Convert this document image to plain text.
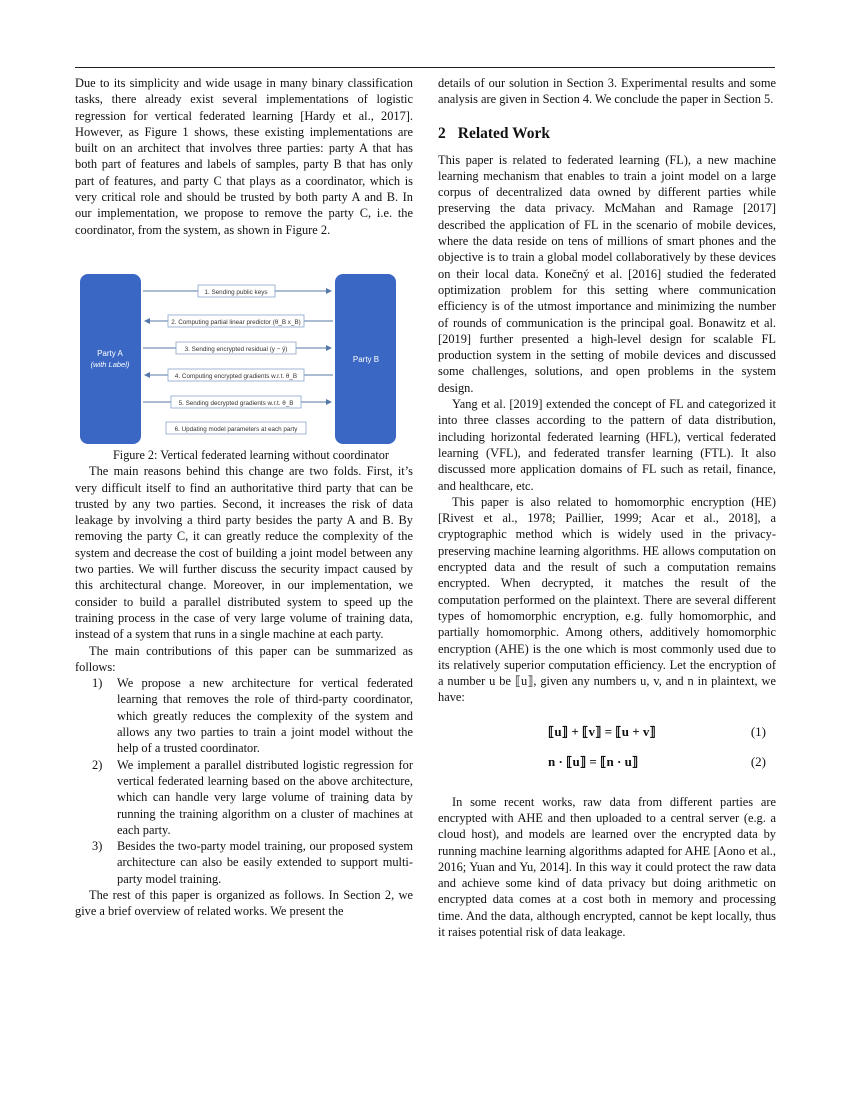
Due to its simplicity and wide usage in many binary classification tasks, there already exist several implementations of logistic regression for vertical federated learning [Hardy et al., 2017]. However, as Figure 1 shows, these existing implementations are built on an architect that involves three parties: party A that has both part of features and labels of samples, party B that has only part of features, and party C that plays as a coordinator, which is very critical role and should be trusted by both party A and B. In our implementation, we propose to remove the party C, i.e. the coordinator, from the system, as shown in Figure 2.

Party A
(with Label)
Party B
1. Sending public keys
2. Computing partial linear predictor (θ_B x_B)
3. Sending encrypted residual (y − ŷ)
4. Computing encrypted gradients w.r.t. θ_B
5. Sending decrypted gradients w.r.t. θ_B
6. Updating model parameters at each party

Figure 2: Vertical federated learning without coordinator

The main reasons behind this change are two folds. First, it’s very difficult itself to find an authoritative third party that can be trusted by any two parties. Second, it increases the risk of data leakage by involving a third party besides the party A and B. By removing the party C, it can greatly reduce the complexity of the system and decrease the cost of building a joint model between any two parties. We will further discuss the security impact caused by this architectural change. Moreover, in our implementation, we consider to build a parallel distributed system to speed up the training process in the case of very large volume of training data, instead of a system that runs in a single machine at each party.

The main contributions of this paper can be summarized as follows:

1) We propose a new architecture for vertical federated learning that removes the role of third-party coordinator, which greatly reduces the complexity of the system and allows any two parties to train a joint model without the help of a trusted coordinator.
2) We implement a parallel distributed logistic regression for vertical federated learning based on the above architecture, which can handle very large volume of training data by running the training algorithm on a cluster of machines at each party.
3) Besides the two-party model training, our proposed system architecture can also be easily extended to support multi-party model training.

The rest of this paper is organized as follows. In Section 2, we give a brief overview of related works. We present the

details of our solution in Section 3. Experimental results and some analysis are given in Section 4. We conclude the paper in Section 5.

2 Related Work

This paper is related to federated learning (FL), a new machine learning mechanism that enables to train a joint model on a large corpus of decentralized data owned by different parties while preserving the data privacy. McMahan and Ramage [2017] described the application of FL in the scenario of mobile devices, where the data reside on tens of millions of smart phones and the objective is to train a global model collaboratively by these devices on their local data. Konečný et al. [2016] studied the federated optimization problem for this setting where communication efficiency is of the utmost importance and minimizing the number of rounds of communication is the principal goal. Bonawitz et al. [2019] further presented a high-level design for scalable FL production system in the setting of mobile devices and discussed some challenges, solutions, and open problems in the system design.

Yang et al. [2019] extended the concept of FL and categorized it into three classes according to the pattern of data distribution, including horizontal federated learning (HFL), vertical federated learning (VFL), and federated transfer learning (FTL). It also discussed more application domains of FL such as retail, finance, and healthcare, etc.

This paper is also related to homomorphic encryption (HE) [Rivest et al., 1978; Paillier, 1999; Acar et al., 2018], a cryptographic method which is widely used in the privacy-preserving machine learning algorithms. HE allows computation on encrypted data and the result of such a computation remains encrypted. When decrypted, it matches the result of the computation performed on the plaintext. There are several different types of homomorphic encryption, e.g. fully homomorphic, and partially homomorphic. Among others, additively homomorphic encryption (AHE) is the one which is most commonly used due to its relatively superior computation efficiency. Let the encryption of a number u be ⟦u⟧, given any numbers u, v, and n in plaintext, we have:

⟦u⟧ + ⟦v⟧ = ⟦u + v⟧	(1)
n · ⟦u⟧ = ⟦n · u⟧	(2)

In some recent works, raw data from different parties are encrypted with AHE and then uploaded to a central server (e.g. a cloud host), and models are learned over the encrypted data by running machine learning algorithms adapted for AHE [Aono et al., 2016; Yuan and Yu, 2014]. In this way it could protect the raw data and achieve some kind of data privacy but doing arithmetic on encrypted data comes at a cost both in memory and processing time. And the data, although encrypted, cannot be kept locally, thus it raises potential risk of data leakage.
